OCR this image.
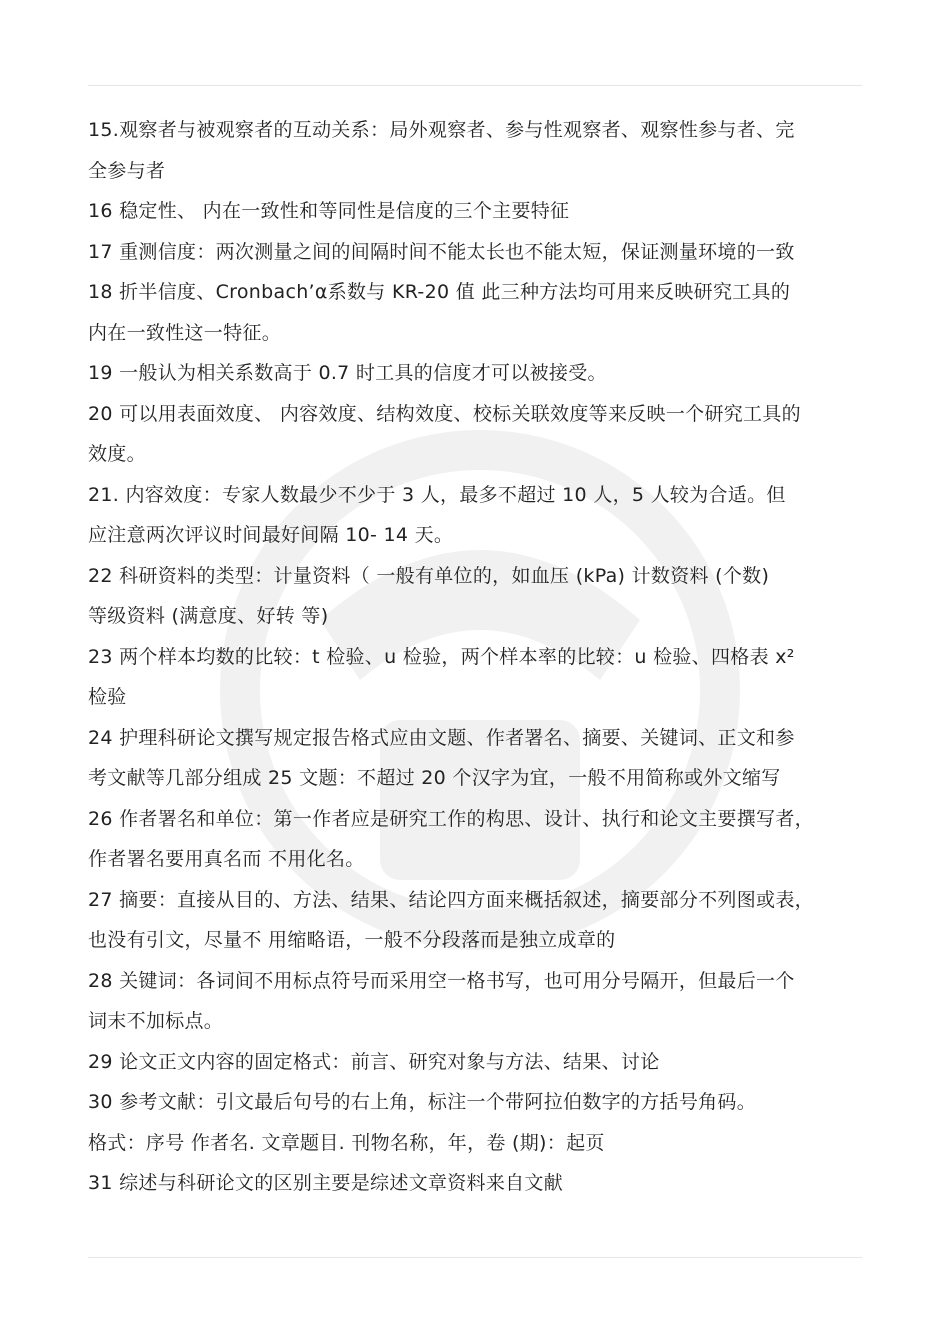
15.观察者与被观察者的互动关系：局外观察者、参与性观察者、观察性参与者、完
全参与者
16 稳定性、 内在一致性和等同性是信度的三个主要特征
17 重测信度：两次测量之间的间隔时间不能太长也不能太短，保证测量环境的一致
18 折半信度、Cronbach’α系数与 KR-20 值 此三种方法均可用来反映研究工具的
内在一致性这一特征。
19 一般认为相关系数高于 0.7 时工具的信度才可以被接受。
20 可以用表面效度、 内容效度、结构效度、校标关联效度等来反映一个研究工具的
效度。
21. 内容效度：专家人数最少不少于 3 人，最多不超过 10 人，5 人较为合适。但
应注意两次评议时间最好间隔 10- 14 天。
22 科研资料的类型：计量资料（ 一般有单位的，如血压 (kPa) 计数资料 (个数)
等级资料 (满意度、好转 等)
23 两个样本均数的比较：t 检验、u 检验，两个样本率的比较：u 检验、四格表 x²
检验
24 护理科研论文撰写规定报告格式应由文题、作者署名、摘要、关键词、正文和参
考文献等几部分组成 25 文题：不超过 20 个汉字为宜，一般不用简称或外文缩写
26 作者署名和单位：第一作者应是研究工作的构思、设计、执行和论文主要撰写者，
作者署名要用真名而 不用化名。
27 摘要：直接从目的、方法、结果、结论四方面来概括叙述，摘要部分不列图或表，
也没有引文，尽量不 用缩略语，一般不分段落而是独立成章的
28 关键词：各词间不用标点符号而采用空一格书写，也可用分号隔开，但最后一个
词末不加标点。
29 论文正文内容的固定格式：前言、研究对象与方法、结果、讨论
30 参考文献：引文最后句号的右上角，标注一个带阿拉伯数字的方括号角码。
格式：序号 作者名. 文章题目. 刊物名称，年，卷 (期)：起页
31 综述与科研论文的区别主要是综述文章资料来自文献
